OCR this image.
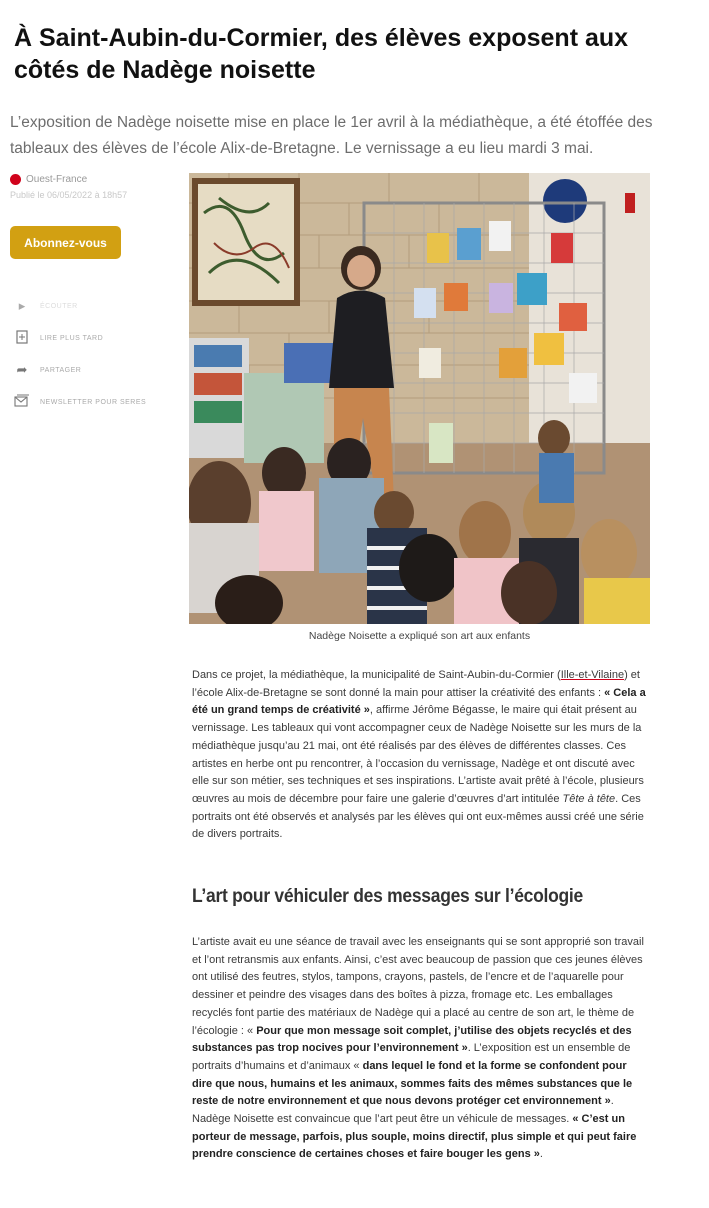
À Saint-Aubin-du-Cormier, des élèves exposent aux côtés de Nadège noisette

L’exposition de Nadège noisette mise en place le 1er avril à la médiathèque, a été étoffée des tableaux des élèves de l’école Alix-de-Bretagne. Le vernissage a eu lieu mardi 3 mai.

Ouest-France
Publié le 06/05/2022 à 18h57
Abonnez-vous
▸	ÉCOUTER
LIRE PLUS TARD
➦	PARTAGER
NEWSLETTER POUR SERES
Nadège Noisette a expliqué son art aux enfants

Dans ce projet, la médiathèque, la municipalité de Saint-Aubin-du-Cormier (Ille-et-Vilaine) et l’école Alix-de-Bretagne se sont donné la main pour attiser la créativité des enfants : « Cela a été un grand temps de créativité », affirme Jérôme Bégasse, le maire qui était présent au vernissage. Les tableaux qui vont accompagner ceux de Nadège Noisette sur les murs de la médiathèque jusqu’au 21 mai, ont été réalisés par des élèves de différentes classes. Ces artistes en herbe ont pu rencontrer, à l’occasion du vernissage, Nadège et ont discuté avec elle sur son métier, ses techniques et ses inspirations. L’artiste avait prêté à l’école, plusieurs œuvres au mois de décembre pour faire une galerie d’œuvres d’art intitulée Tête à tête. Ces portraits ont été observés et analysés par les élèves qui ont eux-mêmes aussi créé une série de divers portraits.

L’art pour véhiculer des messages sur l’écologie

L’artiste avait eu une séance de travail avec les enseignants qui se sont approprié son travail et l’ont retransmis aux enfants. Ainsi, c’est avec beaucoup de passion que ces jeunes élèves ont utilisé des feutres, stylos, tampons, crayons, pastels, de l’encre et de l’aquarelle pour dessiner et peindre des visages dans des boîtes à pizza, fromage etc. Les emballages recyclés font partie des matériaux de Nadège qui a placé au centre de son art, le thème de l’écologie : « Pour que mon message soit complet, j’utilise des objets recyclés et des substances pas trop nocives pour l’environnement ». L’exposition est un ensemble de portraits d’humains et d’animaux « dans lequel le fond et la forme se confondent pour dire que nous, humains et les animaux, sommes faits des mêmes substances que le reste de notre environnement et que nous devons protéger cet environnement ». Nadège Noisette est convaincue que l’art peut être un véhicule de messages. « C’est un porteur de message, parfois, plus souple, moins directif, plus simple et qui peut faire prendre conscience de certaines choses et faire bouger les gens ».
